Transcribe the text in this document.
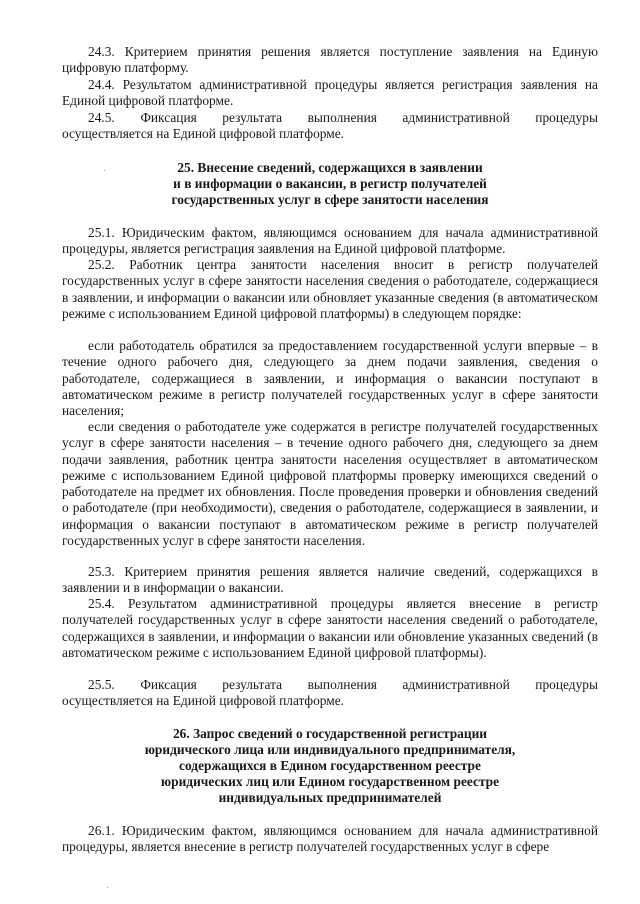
24.3. Критерием принятия решения является поступление заявления на Единую цифровую платформу.

24.4. Результатом административной процедуры является регистрация заявления на Единой цифровой платформе.

24.5. Фиксация результата выполнения административной процедуры

осуществляется на Единой цифровой платформе.

·	25. Внесение сведений, содержащихся в заявлении

и в информации о вакансии, в регистр получателей

государственных услуг в сфере занятости населения

25.1. Юридическим фактом, являющимся основанием для начала административной процедуры, является регистрация заявления на Единой цифровой платформе.

25.2. Работник центра занятости населения вносит в регистр получателей государственных услуг в сфере занятости населения сведения о работодателе, содержащиеся в заявлении, и информации о вакансии или обновляет указанные сведения (в автоматическом режиме с использованием Единой цифровой платформы) в следующем порядке:

если работодатель обратился за предоставлением государственной услуги впервые – в течение одного рабочего дня, следующего за днем подачи заявления, сведения о работодателе, содержащиеся в заявлении, и информация о вакансии поступают в автоматическом режиме в регистр получателей государственных услуг в сфере занятости населения;

если сведения о работодателе уже содержатся в регистре получателей государственных услуг в сфере занятости населения – в течение одного рабочего дня, следующего за днем подачи заявления, работник центра занятости населения осуществляет в автоматическом режиме с использованием Единой цифровой платформы проверку имеющихся сведений о работодателе на предмет их обновления. После проведения проверки и обновления сведений о работодателе (при необходимости), сведения о работодателе, содержащиеся в заявлении, и информация о вакансии поступают в автоматическом режиме в регистр получателей государственных услуг в сфере занятости населения.

25.3. Критерием принятия решения является наличие сведений, содержащихся в заявлении и в информации о вакансии.

25.4. Результатом административной процедуры является внесение в регистр получателей государственных услуг в сфере занятости населения сведений о работодателе, содержащихся в заявлении, и информации о вакансии или обновление указанных сведений (в автоматическом режиме с использованием Единой цифровой платформы).

25.5. Фиксация результата выполнения административной процедуры

осуществляется на Единой цифровой платформе.

26. Запрос сведений о государственной регистрации

юридического лица или индивидуального предпринимателя,

содержащихся в Едином государственном реестре

юридических лиц или Едином государственном реестре

индивидуальных предпринимателей

26.1. Юридическим фактом, являющимся основанием для начала административной процедуры, является внесение в регистр получателей государственных услуг в сфере

·
